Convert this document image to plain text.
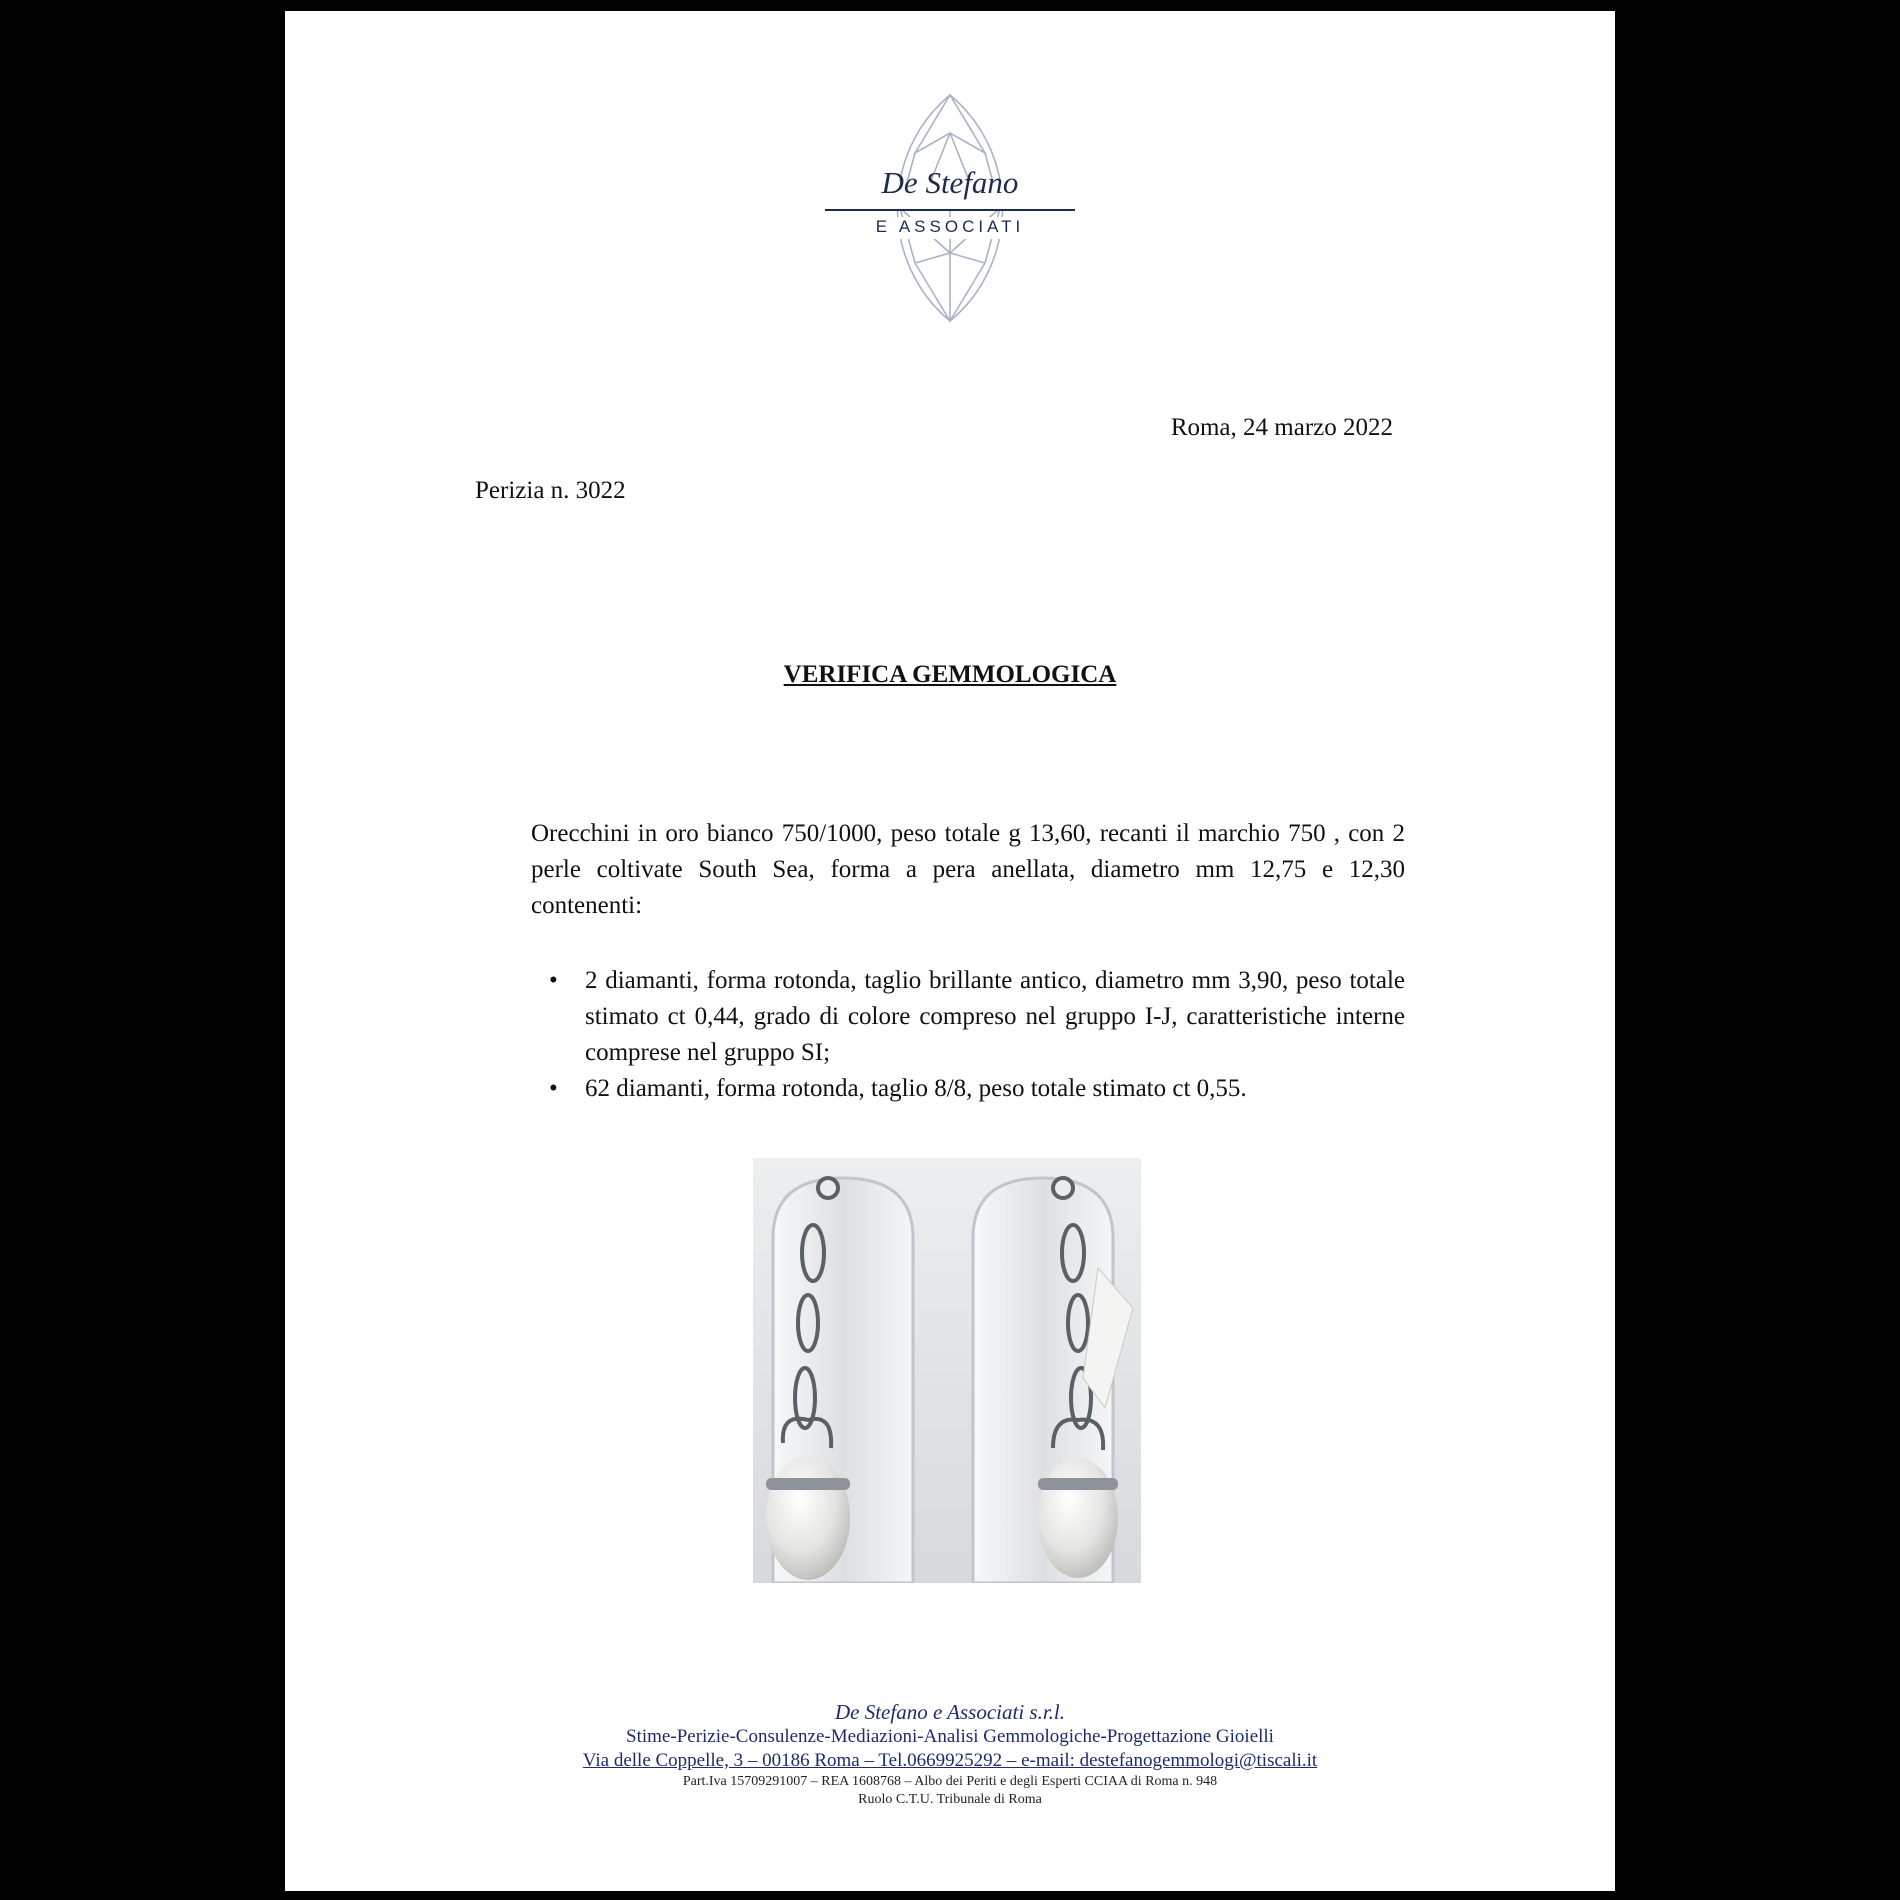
De Stefano
E ASSOCIATI
Roma, 24 marzo 2022
Perizia n. 3022
VERIFICA GEMMOLOGICA
Orecchini in oro bianco 750/1000, peso totale g 13,60, recanti il marchio 750 , con 2 perle coltivate South Sea, forma a pera anellata, diametro mm 12,75 e 12,30 contenenti:
• 2 diamanti, forma rotonda, taglio brillante antico, diametro mm 3,90, peso totale stimato ct 0,44, grado di colore compreso nel gruppo I-J, caratteristiche interne comprese nel gruppo SI;
• 62 diamanti, forma rotonda, taglio 8/8, peso totale stimato ct 0,55.
De Stefano e Associati s.r.l.
Stime-Perizie-Consulenze-Mediazioni-Analisi Gemmologiche-Progettazione Gioielli
Via delle Coppelle, 3 – 00186 Roma – Tel.0669925292 – e-mail: destefanogemmologi@tiscali.it
Part.Iva 15709291007 – REA 1608768 – Albo dei Periti e degli Esperti CCIAA di Roma n. 948
Ruolo C.T.U. Tribunale di Roma
